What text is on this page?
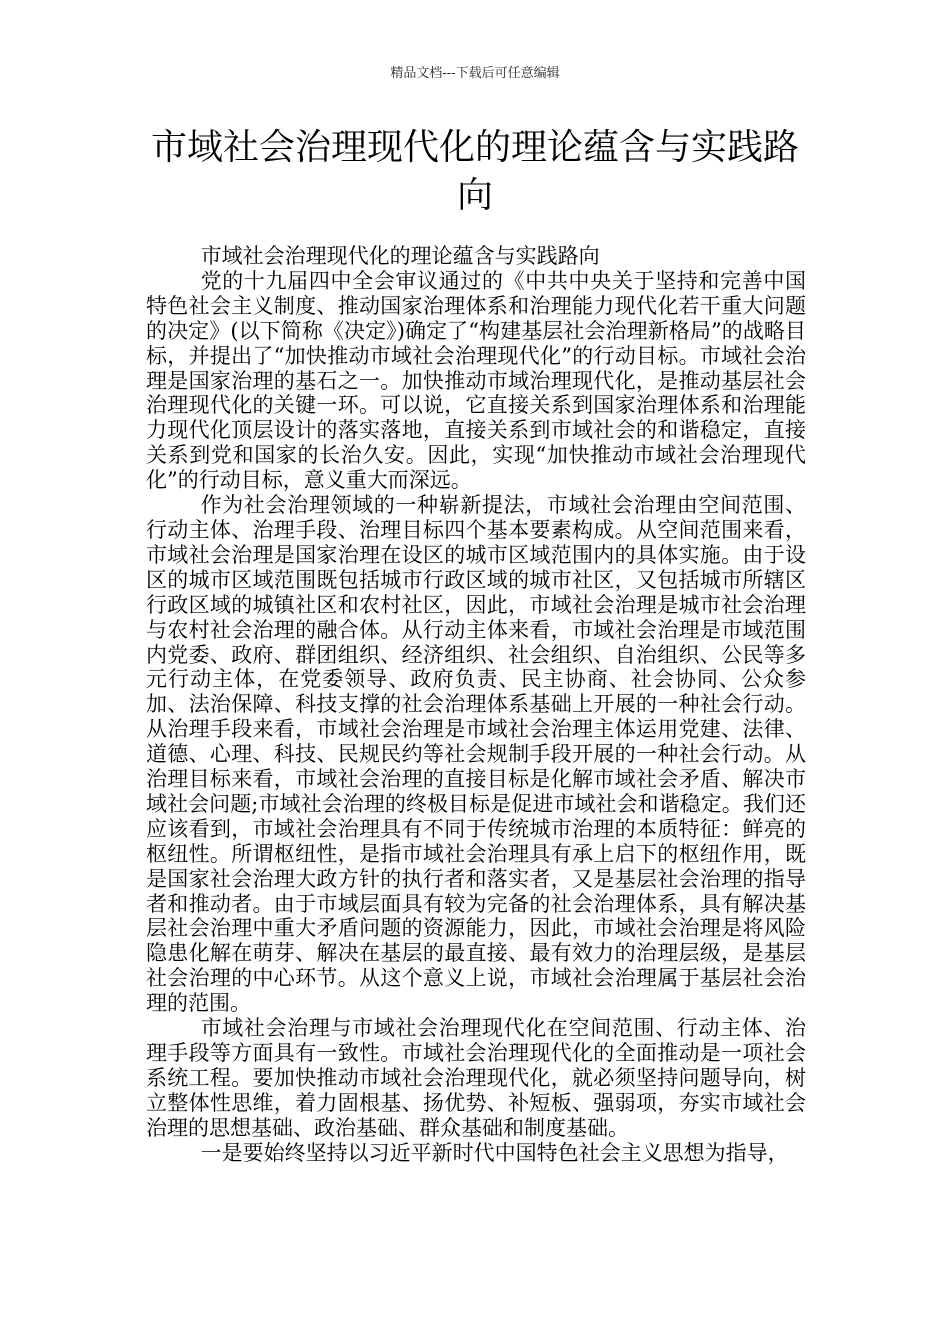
精品文档---下载后可任意编辑
市域社会治理现代化的理论蕴含与实践路向

市域社会治理现代化的理论蕴含与实践路向

党的十九届四中全会审议通过的《中共中央关于坚持和完善中国特色社会主义制度、推动国家治理体系和治理能力现代化若干重大问题的决定》(以下简称《决定》)确定了“构建基层社会治理新格局”的战略目标，并提出了“加快推动市域社会治理现代化”的行动目标。市域社会治理是国家治理的基石之一。加快推动市域治理现代化，是推动基层社会治理现代化的关键一环。可以说，它直接关系到国家治理体系和治理能力现代化顶层设计的落实落地，直接关系到市域社会的和谐稳定，直接关系到党和国家的长治久安。因此，实现“加快推动市域社会治理现代化”的行动目标，意义重大而深远。

作为社会治理领域的一种崭新提法，市域社会治理由空间范围、行动主体、治理手段、治理目标四个基本要素构成。从空间范围来看，市域社会治理是国家治理在设区的城市区域范围内的具体实施。由于设区的城市区域范围既包括城市行政区域的城市社区，又包括城市所辖区行政区域的城镇社区和农村社区，因此，市域社会治理是城市社会治理与农村社会治理的融合体。从行动主体来看，市域社会治理是市域范围内党委、政府、群团组织、经济组织、社会组织、自治组织、公民等多元行动主体，在党委领导、政府负责、民主协商、社会协同、公众参加、法治保障、科技支撑的社会治理体系基础上开展的一种社会行动。从治理手段来看，市域社会治理是市域社会治理主体运用党建、法律、道德、心理、科技、民规民约等社会规制手段开展的一种社会行动。从治理目标来看，市域社会治理的直接目标是化解市域社会矛盾、解决市域社会问题;市域社会治理的终极目标是促进市域社会和谐稳定。我们还应该看到，市域社会治理具有不同于传统城市治理的本质特征：鲜亮的枢纽性。所谓枢纽性，是指市域社会治理具有承上启下的枢纽作用，既是国家社会治理大政方针的执行者和落实者，又是基层社会治理的指导者和推动者。由于市域层面具有较为完备的社会治理体系，具有解决基层社会治理中重大矛盾问题的资源能力，因此，市域社会治理是将风险隐患化解在萌芽、解决在基层的最直接、最有效力的治理层级，是基层社会治理的中心环节。从这个意义上说，市域社会治理属于基层社会治理的范围。

市域社会治理与市域社会治理现代化在空间范围、行动主体、治理手段等方面具有一致性。市域社会治理现代化的全面推动是一项社会系统工程。要加快推动市域社会治理现代化，就必须坚持问题导向，树立整体性思维，着力固根基、扬优势、补短板、强弱项，夯实市域社会治理的思想基础、政治基础、群众基础和制度基础。

一是要始终坚持以习近平新时代中国特色社会主义思想为指导，
